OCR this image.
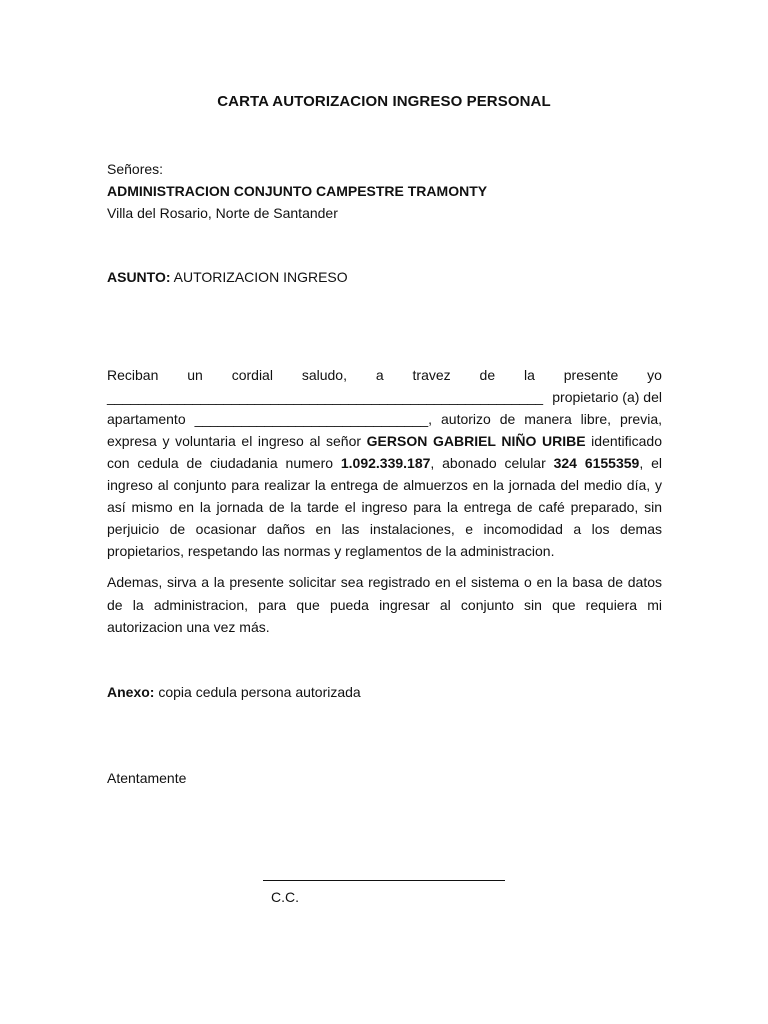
CARTA AUTORIZACION INGRESO PERSONAL
Señores:
ADMINISTRACION CONJUNTO CAMPESTRE TRAMONTY
Villa del Rosario, Norte de Santander
ASUNTO: AUTORIZACION INGRESO
Reciban un cordial saludo, a travez de la presente yo
________________________________________________________ propietario (a) del
apartamento ______________________________, autorizo de manera libre, previa, expresa y voluntaria el ingreso al señor GERSON GABRIEL NIÑO URIBE identificado con cedula de ciudadania numero 1.092.339.187, abonado celular 324 6155359, el ingreso al conjunto para realizar la entrega de almuerzos en la jornada del medio día, y así mismo en la jornada de la tarde el ingreso para la entrega de café preparado, sin perjuicio de ocasionar daños en las instalaciones, e incomodidad a los demas propietarios, respetando las normas y reglamentos de la administracion.
Ademas, sirva a la presente solicitar sea registrado en el sistema o en la basa de datos de la administracion, para que pueda ingresar al conjunto sin que requiera mi autorizacion una vez más.
Anexo: copia cedula persona autorizada
Atentamente
C.C.
